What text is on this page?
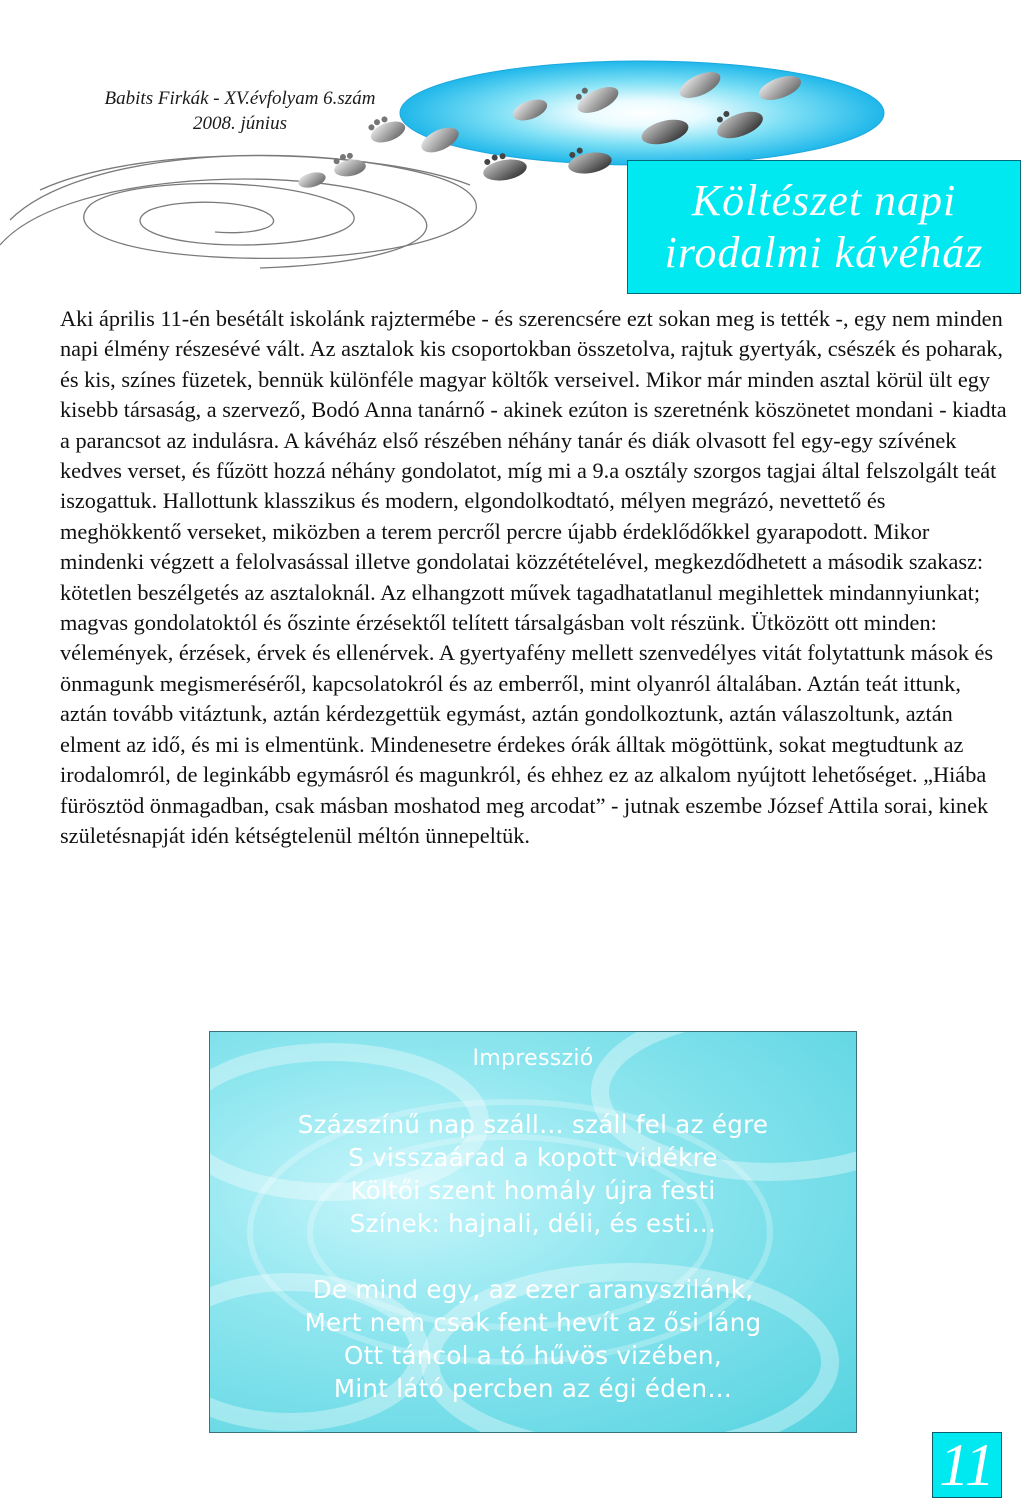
Babits Firkák - XV.évfolyam 6.szám
2008. június
Költészet napi
irodalmi kávéház

Aki április 11-én besétált iskolánk rajztermébe - és szerencsére ezt sokan meg is tették -, egy nem minden napi élmény részesévé vált. Az asztalok kis csoportokban összetolva, rajtuk gyertyák, csészék és poharak, és kis, színes füzetek, bennük különféle magyar költők verseivel. Mikor már minden asztal körül ült egy kisebb társaság, a szervező, Bodó Anna tanárnő - akinek ezúton is szeretnénk köszönetet mondani - kiadta a parancsot az indulásra. A kávéház első részében néhány tanár és diák olvasott fel egy-egy szívének kedves verset, és fűzött hozzá néhány gondolatot, míg mi a 9.a osztály szorgos tagjai által felszolgált teát iszogattuk. Hallottunk klasszikus és modern, elgondolkodtató, mélyen megrázó, nevettető és meghökkentő verseket, miközben a terem percről percre újabb érdeklődőkkel gyarapodott. Mikor mindenki végzett a felolvasással illetve gondolatai közzétételével, megkezdődhetett a második szakasz: kötetlen beszélgetés az asztaloknál. Az elhangzott művek tagadhatatlanul megihlettek mindannyiunkat; magvas gondolatoktól és őszinte érzésektől telített társalgásban volt részünk. Ütközött ott minden: vélemények, érzések, érvek és ellenérvek. A gyertyafény mellett szenvedélyes vitát folytattunk mások és önmagunk megismeréséről, kapcsolatokról és az emberről, mint olyanról általában. Aztán teát ittunk, aztán tovább vitáztunk, aztán kérdezgettük egymást, aztán gondolkoztunk, aztán válaszoltunk, aztán elment az idő, és mi is elmentünk. Mindenesetre érdekes órák álltak mögöttünk, sokat megtudtunk az irodalomról, de leginkább egymásról és magunkról, és ehhez ez az alkalom nyújtott lehetőséget. „Hiába fürösztöd önmagadban, csak másban moshatod meg arcodat” - jutnak eszembe József Attila sorai, kinek születésnapját idén kétségtelenül méltón ünnepeltük.

Impresszió
Százszínű nap száll… száll fel az égre
S visszaárad a kopott vidékre
Költői szent homály újra festi
Színek: hajnali, déli, és esti…
De mind egy, az ezer aranyszilánk,
Mert nem csak fent hevít az ősi láng
Ott táncol a tó hűvös vizében,
Mint látó percben az égi éden…
11
